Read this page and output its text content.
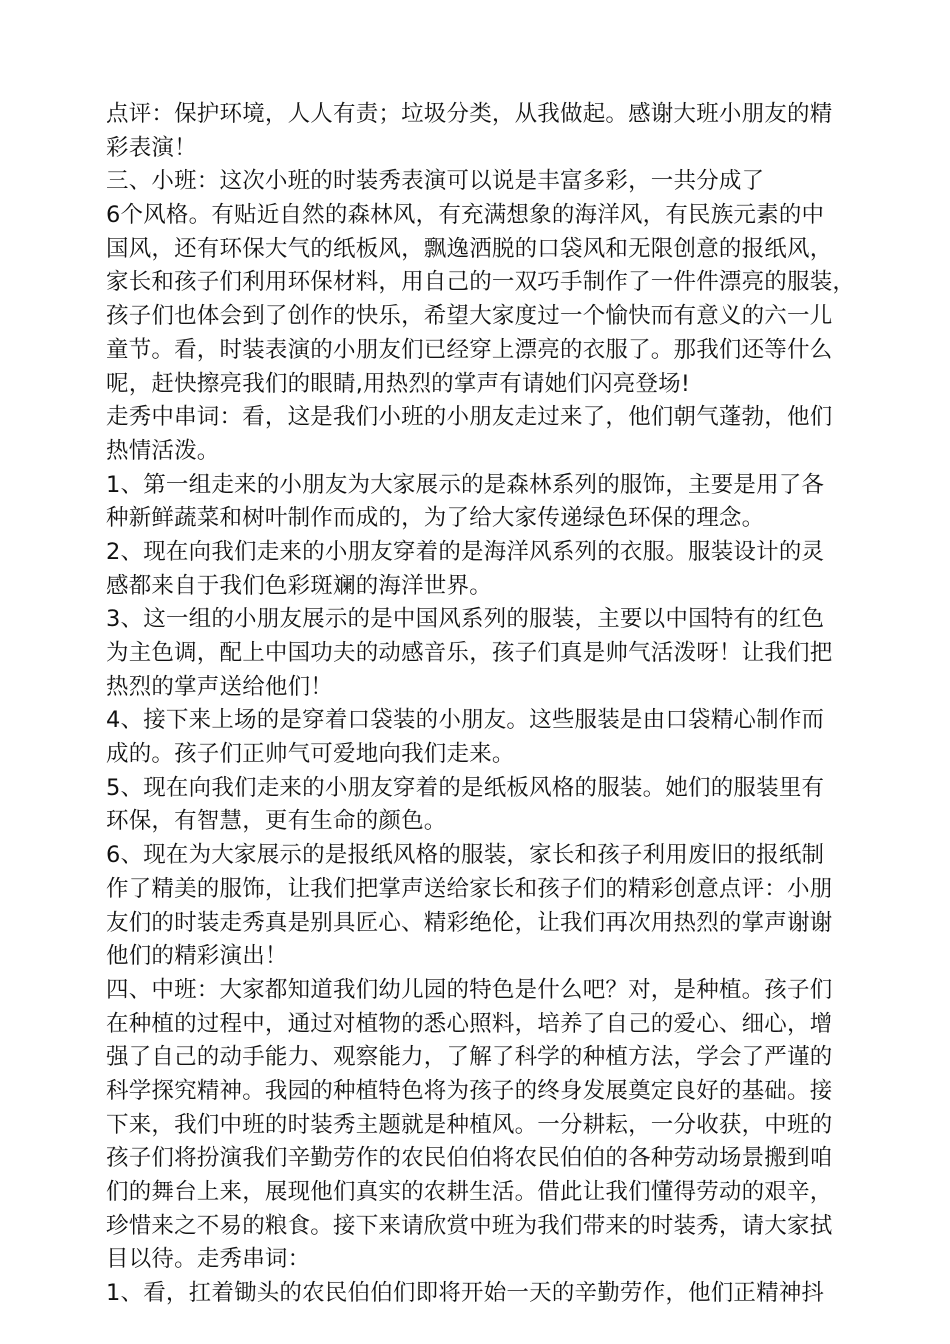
点评：保护环境，人人有责；垃圾分类，从我做起。感谢大班小朋友的精
彩表演！
三、小班：这次小班的时装秀表演可以说是丰富多彩，一共分成了
6个风格。有贴近自然的森林风，有充满想象的海洋风，有民族元素的中
国风，还有环保大气的纸板风，飘逸洒脱的口袋风和无限创意的报纸风，
家长和孩子们利用环保材料，用自己的一双巧手制作了一件件漂亮的服装，
孩子们也体会到了创作的快乐，希望大家度过一个愉快而有意义的六一儿
童节。看，时装表演的小朋友们已经穿上漂亮的衣服了。那我们还等什么
呢，赶快擦亮我们的眼睛,用热烈的掌声有请她们闪亮登场!
走秀中串词：看，这是我们小班的小朋友走过来了，他们朝气蓬勃，他们
热情活泼。
1、第一组走来的小朋友为大家展示的是森林系列的服饰，主要是用了各
种新鲜蔬菜和树叶制作而成的，为了给大家传递绿色环保的理念。
2、现在向我们走来的小朋友穿着的是海洋风系列的衣服。服装设计的灵
感都来自于我们色彩斑斓的海洋世界。
3、这一组的小朋友展示的是中国风系列的服装，主要以中国特有的红色
为主色调，配上中国功夫的动感音乐，孩子们真是帅气活泼呀！让我们把
热烈的掌声送给他们！
4、接下来上场的是穿着口袋装的小朋友。这些服装是由口袋精心制作而
成的。孩子们正帅气可爱地向我们走来。
5、现在向我们走来的小朋友穿着的是纸板风格的服装。她们的服装里有
环保，有智慧，更有生命的颜色。
6、现在为大家展示的是报纸风格的服装，家长和孩子利用废旧的报纸制
作了精美的服饰，让我们把掌声送给家长和孩子们的精彩创意点评：小朋
友们的时装走秀真是别具匠心、精彩绝伦，让我们再次用热烈的掌声谢谢
他们的精彩演出！
四、中班：大家都知道我们幼儿园的特色是什么吧？对，是种植。孩子们
在种植的过程中，通过对植物的悉心照料，培养了自己的爱心、细心，增
强了自己的动手能力、观察能力，了解了科学的种植方法，学会了严谨的
科学探究精神。我园的种植特色将为孩子的终身发展奠定良好的基础。接
下来，我们中班的时装秀主题就是种植风。一分耕耘，一分收获，中班的
孩子们将扮演我们辛勤劳作的农民伯伯将农民伯伯的各种劳动场景搬到咱
们的舞台上来，展现他们真实的农耕生活。借此让我们懂得劳动的艰辛，
珍惜来之不易的粮食。接下来请欣赏中班为我们带来的时装秀，请大家拭
目以待。走秀串词：
1、看，扛着锄头的农民伯伯们即将开始一天的辛勤劳作，他们正精神抖
